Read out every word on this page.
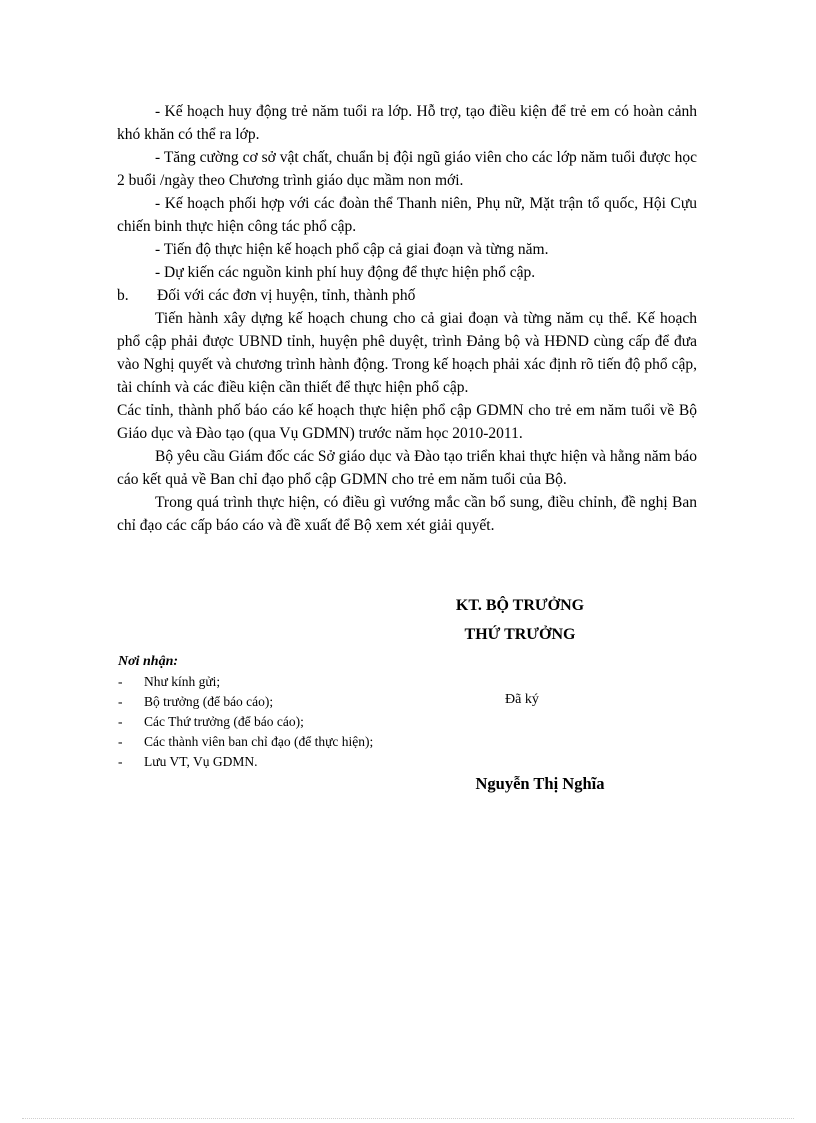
- Kế hoạch huy động trẻ năm tuổi ra lớp. Hỗ trợ, tạo điều kiện để trẻ em có hoàn cảnh khó khăn có thể ra lớp.

- Tăng cường cơ sở vật chất, chuẩn bị đội ngũ giáo viên cho các lớp năm tuổi được học 2 buổi /ngày theo Chương trình giáo dục mầm non mới.

- Kế hoạch phối hợp với các đoàn thể Thanh niên, Phụ nữ, Mặt trận tổ quốc, Hội Cựu chiến binh thực hiện công tác phổ cập.

- Tiến độ thực hiện kế hoạch phổ cập cả giai đoạn và từng năm.

- Dự kiến các nguồn kinh phí huy động để thực hiện phổ cập.

b. Đối với các đơn vị huyện, tỉnh, thành phố

Tiến hành xây dựng kế hoạch chung cho cả giai đoạn và từng năm cụ thể. Kế hoạch phổ cập phải được UBND tỉnh, huyện phê duyệt, trình Đảng bộ và HĐND cùng cấp để đưa vào Nghị quyết và chương trình hành động. Trong kế hoạch phải xác định rõ tiến độ phổ cập, tài chính và các điều kiện cần thiết để thực hiện phổ cập.

Các tỉnh, thành phố báo cáo kế hoạch thực hiện phổ cập GDMN cho trẻ em năm tuổi về Bộ Giáo dục và Đào tạo (qua Vụ GDMN) trước năm học 2010-2011.

Bộ yêu cầu Giám đốc các Sở giáo dục và Đào tạo triển khai thực hiện và hằng năm báo cáo kết quả về Ban chỉ đạo phổ cập GDMN cho trẻ em năm tuổi của Bộ.

Trong quá trình thực hiện, có điều gì vướng mắc cần bổ sung, điều chỉnh, đề nghị Ban chỉ đạo các cấp báo cáo và đề xuất để Bộ xem xét giải quyết.

KT. BỘ TRƯỞNG
THỨ TRƯỞNG
Nơi nhận:
-	Như kính gửi;
-	Bộ trưởng (để báo cáo);
-	Các Thứ trưởng (để báo cáo);
-	Các thành viên ban chỉ đạo (để thực hiện);
-	Lưu VT, Vụ GDMN.
Đã ký
Nguyễn Thị Nghĩa
